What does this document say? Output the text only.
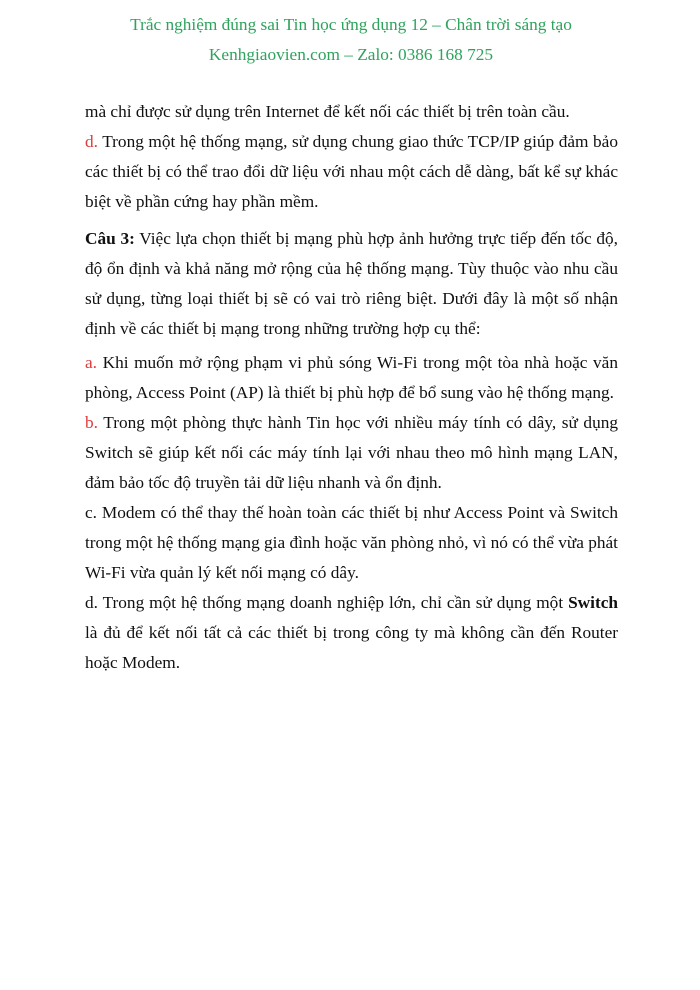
Trắc nghiệm đúng sai Tin học ứng dụng 12 – Chân trời sáng tạo
Kenhgiaovien.com – Zalo: 0386 168 725

mà chỉ được sử dụng trên Internet để kết nối các thiết bị trên toàn cầu.

d. Trong một hệ thống mạng, sử dụng chung giao thức TCP/IP giúp đảm bảo các thiết bị có thể trao đổi dữ liệu với nhau một cách dễ dàng, bất kể sự khác biệt về phần cứng hay phần mềm.

Câu 3: Việc lựa chọn thiết bị mạng phù hợp ảnh hưởng trực tiếp đến tốc độ, độ ổn định và khả năng mở rộng của hệ thống mạng. Tùy thuộc vào nhu cầu sử dụng, từng loại thiết bị sẽ có vai trò riêng biệt. Dưới đây là một số nhận định về các thiết bị mạng trong những trường hợp cụ thể:

a. Khi muốn mở rộng phạm vi phủ sóng Wi-Fi trong một tòa nhà hoặc văn phòng, Access Point (AP) là thiết bị phù hợp để bổ sung vào hệ thống mạng.

b. Trong một phòng thực hành Tin học với nhiều máy tính có dây, sử dụng Switch sẽ giúp kết nối các máy tính lại với nhau theo mô hình mạng LAN, đảm bảo tốc độ truyền tải dữ liệu nhanh và ổn định.

c. Modem có thể thay thế hoàn toàn các thiết bị như Access Point và Switch trong một hệ thống mạng gia đình hoặc văn phòng nhỏ, vì nó có thể vừa phát Wi-Fi vừa quản lý kết nối mạng có dây.

d. Trong một hệ thống mạng doanh nghiệp lớn, chỉ cần sử dụng một Switch là đủ để kết nối tất cả các thiết bị trong công ty mà không cần đến Router hoặc Modem.
